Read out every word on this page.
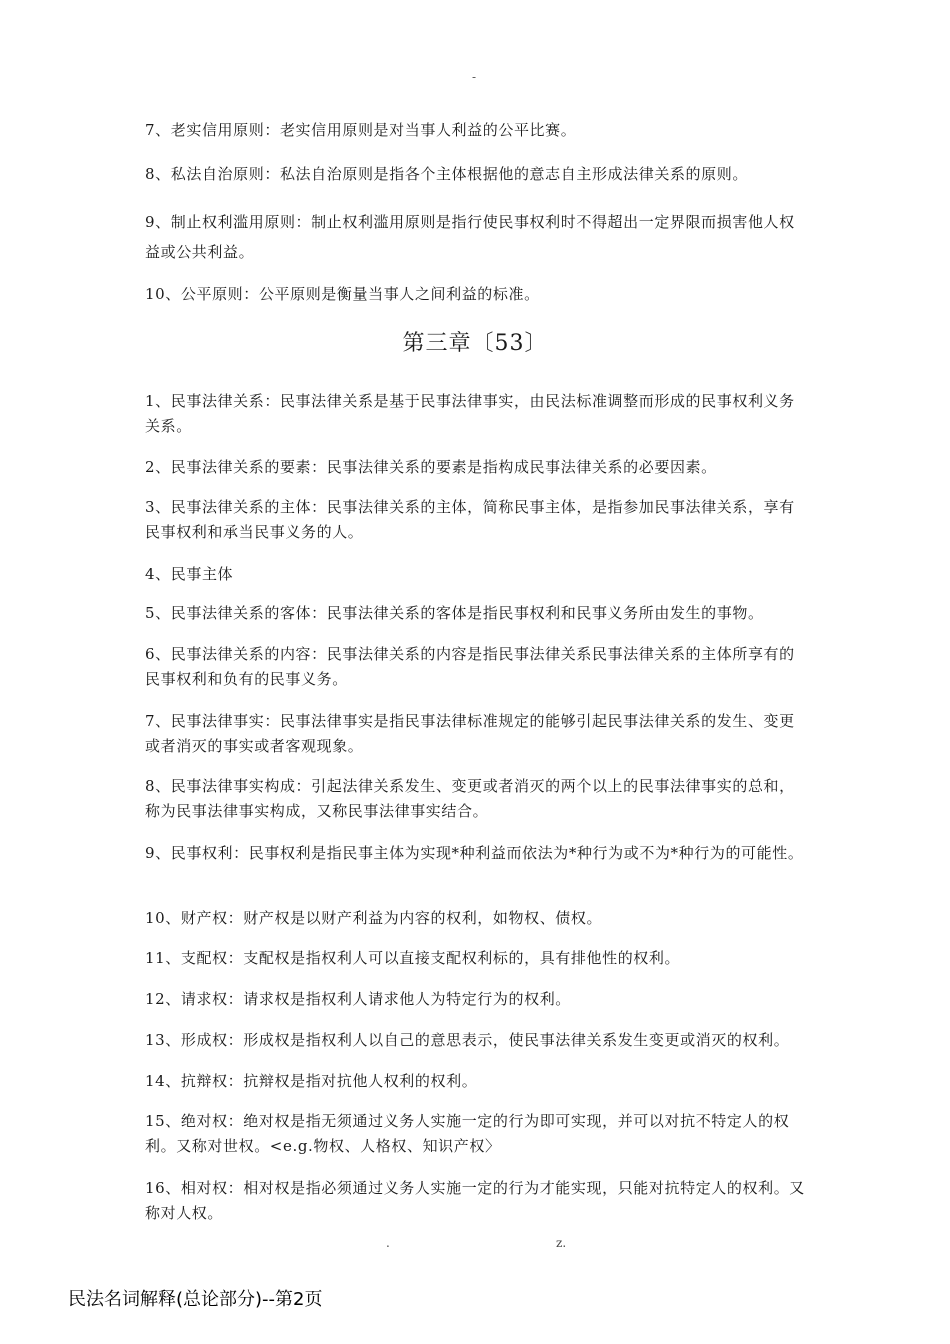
-

7、老实信用原则：老实信用原则是对当事人利益的公平比赛。

8、私法自治原则：私法自治原则是指各个主体根据他的意志自主形成法律关系的原则。

9、制止权利滥用原则：制止权利滥用原则是指行使民事权利时不得超出一定界限而损害他人权益或公共利益。

10、公平原则：公平原则是衡量当事人之间利益的标准。

第三章〔53〕

1、民事法律关系：民事法律关系是基于民事法律事实，由民法标准调整而形成的民事权利义务关系。

2、民事法律关系的要素：民事法律关系的要素是指构成民事法律关系的必要因素。

3、民事法律关系的主体：民事法律关系的主体，简称民事主体，是指参加民事法律关系，享有民事权利和承当民事义务的人。

4、民事主体

5、民事法律关系的客体：民事法律关系的客体是指民事权利和民事义务所由发生的事物。

6、民事法律关系的内容：民事法律关系的内容是指民事法律关系民事法律关系的主体所享有的民事权利和负有的民事义务。

7、民事法律事实：民事法律事实是指民事法律标准规定的能够引起民事法律关系的发生、变更或者消灭的事实或者客观现象。

8、民事法律事实构成：引起法律关系发生、变更或者消灭的两个以上的民事法律事实的总和，称为民事法律事实构成，又称民事法律事实结合。

9、民事权利：民事权利是指民事主体为实现*种利益而依法为*种行为或不为*种行为的可能性。

10、财产权：财产权是以财产利益为内容的权利，如物权、债权。

11、支配权：支配权是指权利人可以直接支配权利标的，具有排他性的权利。

12、请求权：请求权是指权利人请求他人为特定行为的权利。

13、形成权：形成权是指权利人以自己的意思表示，使民事法律关系发生变更或消灭的权利。

14、抗辩权：抗辩权是指对抗他人权利的权利。

15、绝对权：绝对权是指无须通过义务人实施一定的行为即可实现，并可以对抗不特定人的权利。又称对世权。<e.g.物权、人格权、知识产权〉

16、相对权：相对权是指必须通过义务人实施一定的行为才能实现，只能对抗特定人的权利。又称对人权。

.	z.
民法名词解释(总论部分)--第2页
